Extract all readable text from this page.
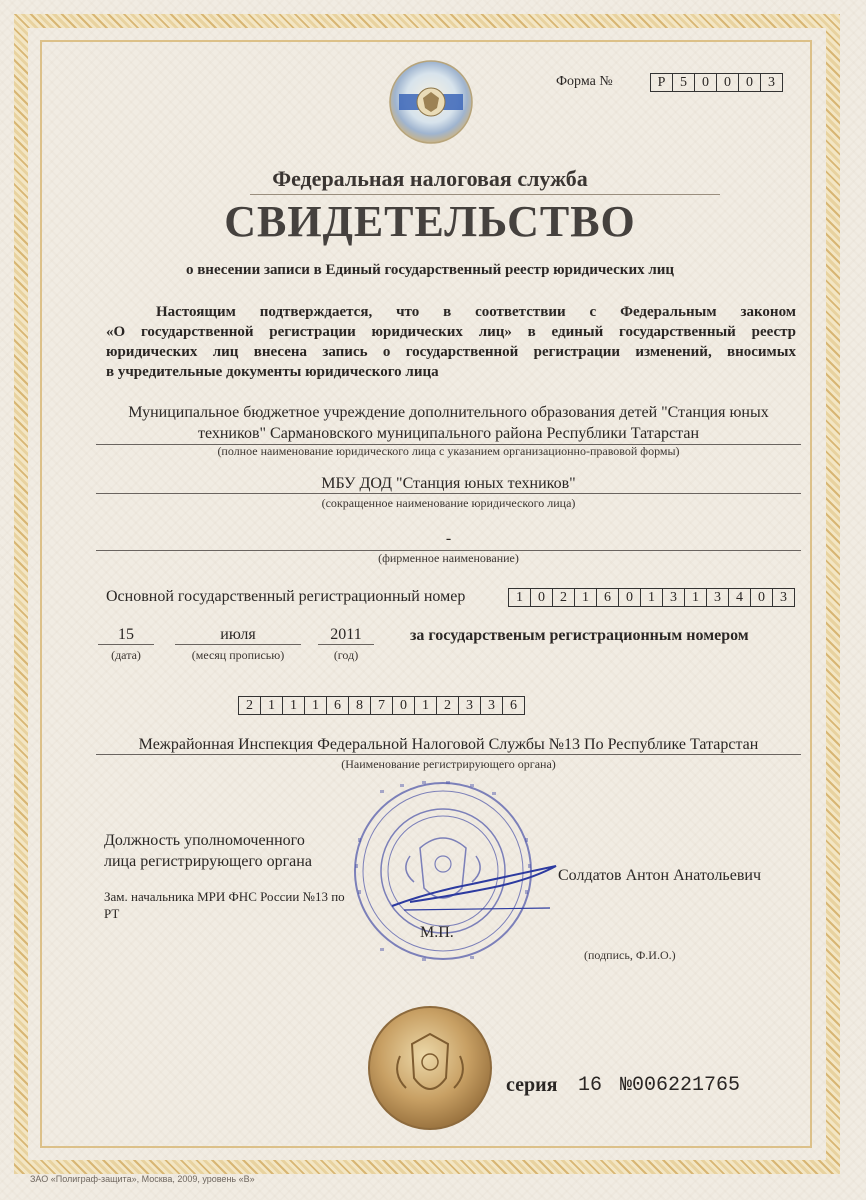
Форма №	Р	5	0	0	0	3
Федеральная налоговая служба
СВИДЕТЕЛЬСТВО
о внесении записи в Единый государственный реестр юридических лиц
Настоящим подтверждается, что в соответствии с Федеральным законом
«О государственной регистрации юридических лиц» в единый государственный реестр
юридических лиц внесена запись о государственной регистрации изменений, вносимых
в учредительные документы юридического лица
Муниципальное бюджетное учреждение дополнительного образования детей "Станция юных
техников" Сармановского муниципального района Республики Татарстан
(полное наименование юридического лица с указанием организационно-правовой формы)
МБУ ДОД "Станция юных техников"
(сокращенное наименование юридического лица)
-
(фирменное наименование)
Основной государственный регистрационный номер	1	0	2	1	6	0	1	3	1	3	4	0	3
15
(дата)
июля
(месяц прописью)
2011
(год)
за государственым регистрационным номером
2	1	1	1	6	8	7	0	1	2	3	3	6
Межрайонная Инспекция Федеральной Налоговой Службы №13 По Республике Татарстан
(Наименование регистрирующего органа)
Должность уполномоченного
лица регистрирующего органа
Зам. начальника МРИ ФНС России №13 по
РТ
Солдатов Антон Анатольевич
М.П.
(подпись, Ф.И.О.)
серия 16 №006221765
ЗАО «Полиграф-защита», Москва, 2009, уровень «В»
